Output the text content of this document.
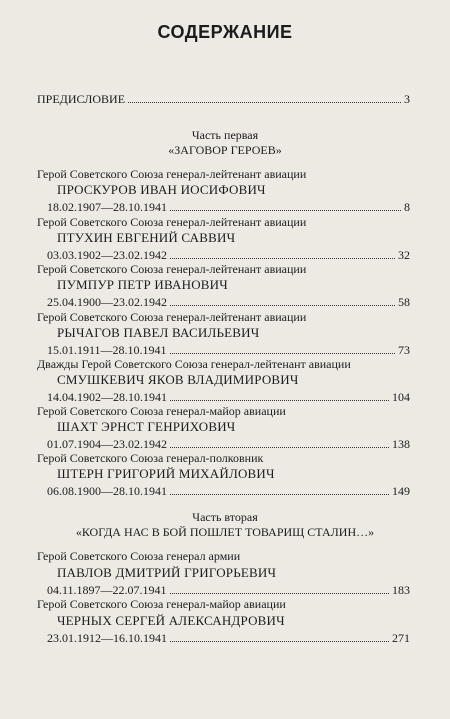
СОДЕРЖАНИЕ
ПРЕДИСЛОВИЕ	3
Часть первая
«ЗАГОВОР ГЕРОЕВ»
Герой Советского Союза генерал-лейтенант авиации
ПРОСКУРОВ ИВАН ИОСИФОВИЧ
18.02.1907—28.10.1941	8
Герой Советского Союза генерал-лейтенант авиации
ПТУХИН ЕВГЕНИЙ САВВИЧ
03.03.1902—23.02.1942	32
Герой Советского Союза генерал-лейтенант авиации
ПУМПУР ПЕТР ИВАНОВИЧ
25.04.1900—23.02.1942	58
Герой Советского Союза генерал-лейтенант авиации
РЫЧАГОВ ПАВЕЛ ВАСИЛЬЕВИЧ
15.01.1911—28.10.1941	73
Дважды Герой Советского Союза генерал-лейтенант авиации
СМУШКЕВИЧ ЯКОВ ВЛАДИМИРОВИЧ
14.04.1902—28.10.1941	104
Герой Советского Союза генерал-майор авиации
ШАХТ ЭРНСТ ГЕНРИХОВИЧ
01.07.1904—23.02.1942	138
Герой Советского Союза генерал-полковник
ШТЕРН ГРИГОРИЙ МИХАЙЛОВИЧ
06.08.1900—28.10.1941	149
Часть вторая
«КОГДА НАС В БОЙ ПОШЛЕТ ТОВАРИЩ СТАЛИН…»
Герой Советского Союза генерал армии
ПАВЛОВ ДМИТРИЙ ГРИГОРЬЕВИЧ
04.11.1897—22.07.1941	183
Герой Советского Союза генерал-майор авиации
ЧЕРНЫХ СЕРГЕЙ АЛЕКСАНДРОВИЧ
23.01.1912—16.10.1941	271
